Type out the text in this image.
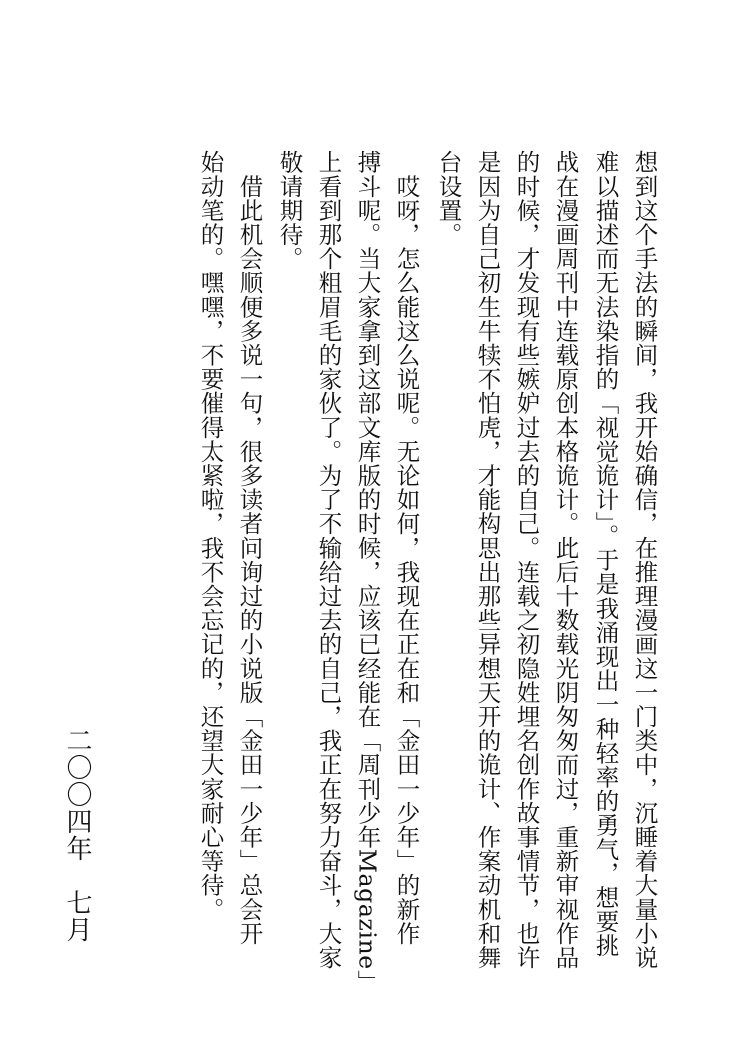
想到这个手法的瞬间，我开始确信，在推理漫画这一门类中，沉睡着大量小说
难以描述而无法染指的「视觉诡计」。于是我涌现出一种轻率的勇气，想要挑
战在漫画周刊中连载原创本格诡计。此后十数载光阴匆匆而过，重新审视作品
的时候，才发现有些嫉妒过去的自己。连载之初隐姓埋名创作故事情节，也许
是因为自己初生牛犊不怕虎，才能构思出那些异想天开的诡计、作案动机和舞
台设置。
　哎呀，怎么能这么说呢。无论如何，我现在正在和「金田一少年」的新作
搏斗呢。当大家拿到这部文库版的时候，应该已经能在「周刊少年Magazine」
上看到那个粗眉毛的家伙了。为了不输给过去的自己，我正在努力奋斗，大家
敬请期待。
　借此机会顺便多说一句，很多读者问询过的小说版「金田一少年」总会开
始动笔的。嘿嘿，不要催得太紧啦，我不会忘记的，还望大家耐心等待。
二〇〇四年　七月
